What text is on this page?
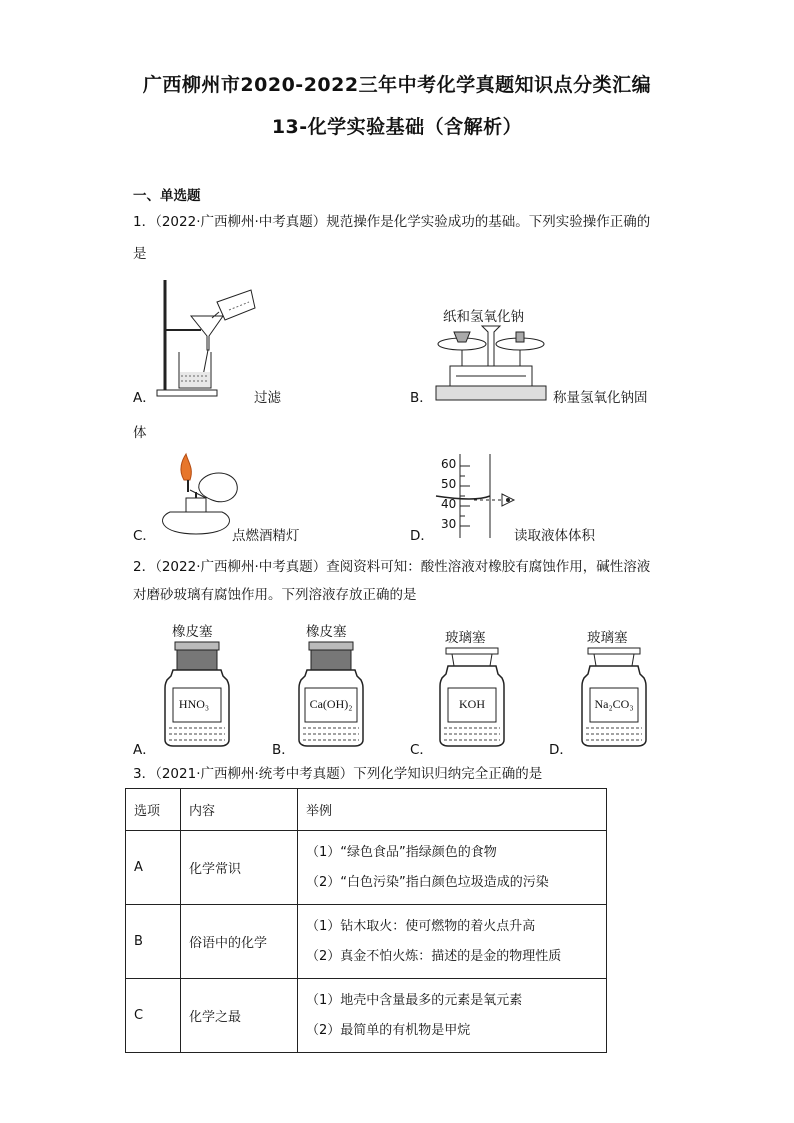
广西柳州市2020-2022三年中考化学真题知识点分类汇编
13-化学实验基础（含解析）
一、单选题
1．（2022·广西柳州·中考真题）规范操作是化学实验成功的基础。下列实验操作正确的
是
A．	过滤
纸和氢氧化钠
B．	称量氢氧化钠固
体
C．	点燃酒精灯
60
50
40
30
D．	读取液体体积
2．（2022·广西柳州·中考真题）查阅资料可知：酸性溶液对橡胶有腐蚀作用，碱性溶液
对磨砂玻璃有腐蚀作用。下列溶液存放正确的是
橡皮塞
HNO₃
A．
橡皮塞
Ca(OH)₂
B．
玻璃塞
KOH
C．
玻璃塞
Na₂CO₃
D．
3．（2021·广西柳州·统考中考真题）下列化学知识归纳完全正确的是
选项	内容	举例
A	化学常识	（1）“绿色食品”指绿颜色的食物
（2）“白色污染”指白颜色垃圾造成的污染

B	俗语中的化学	（1）钻木取火：使可燃物的着火点升高
（2）真金不怕火炼：描述的是金的物理性质

C	化学之最	（1）地壳中含量最多的元素是氧元素
（2）最简单的有机物是甲烷
